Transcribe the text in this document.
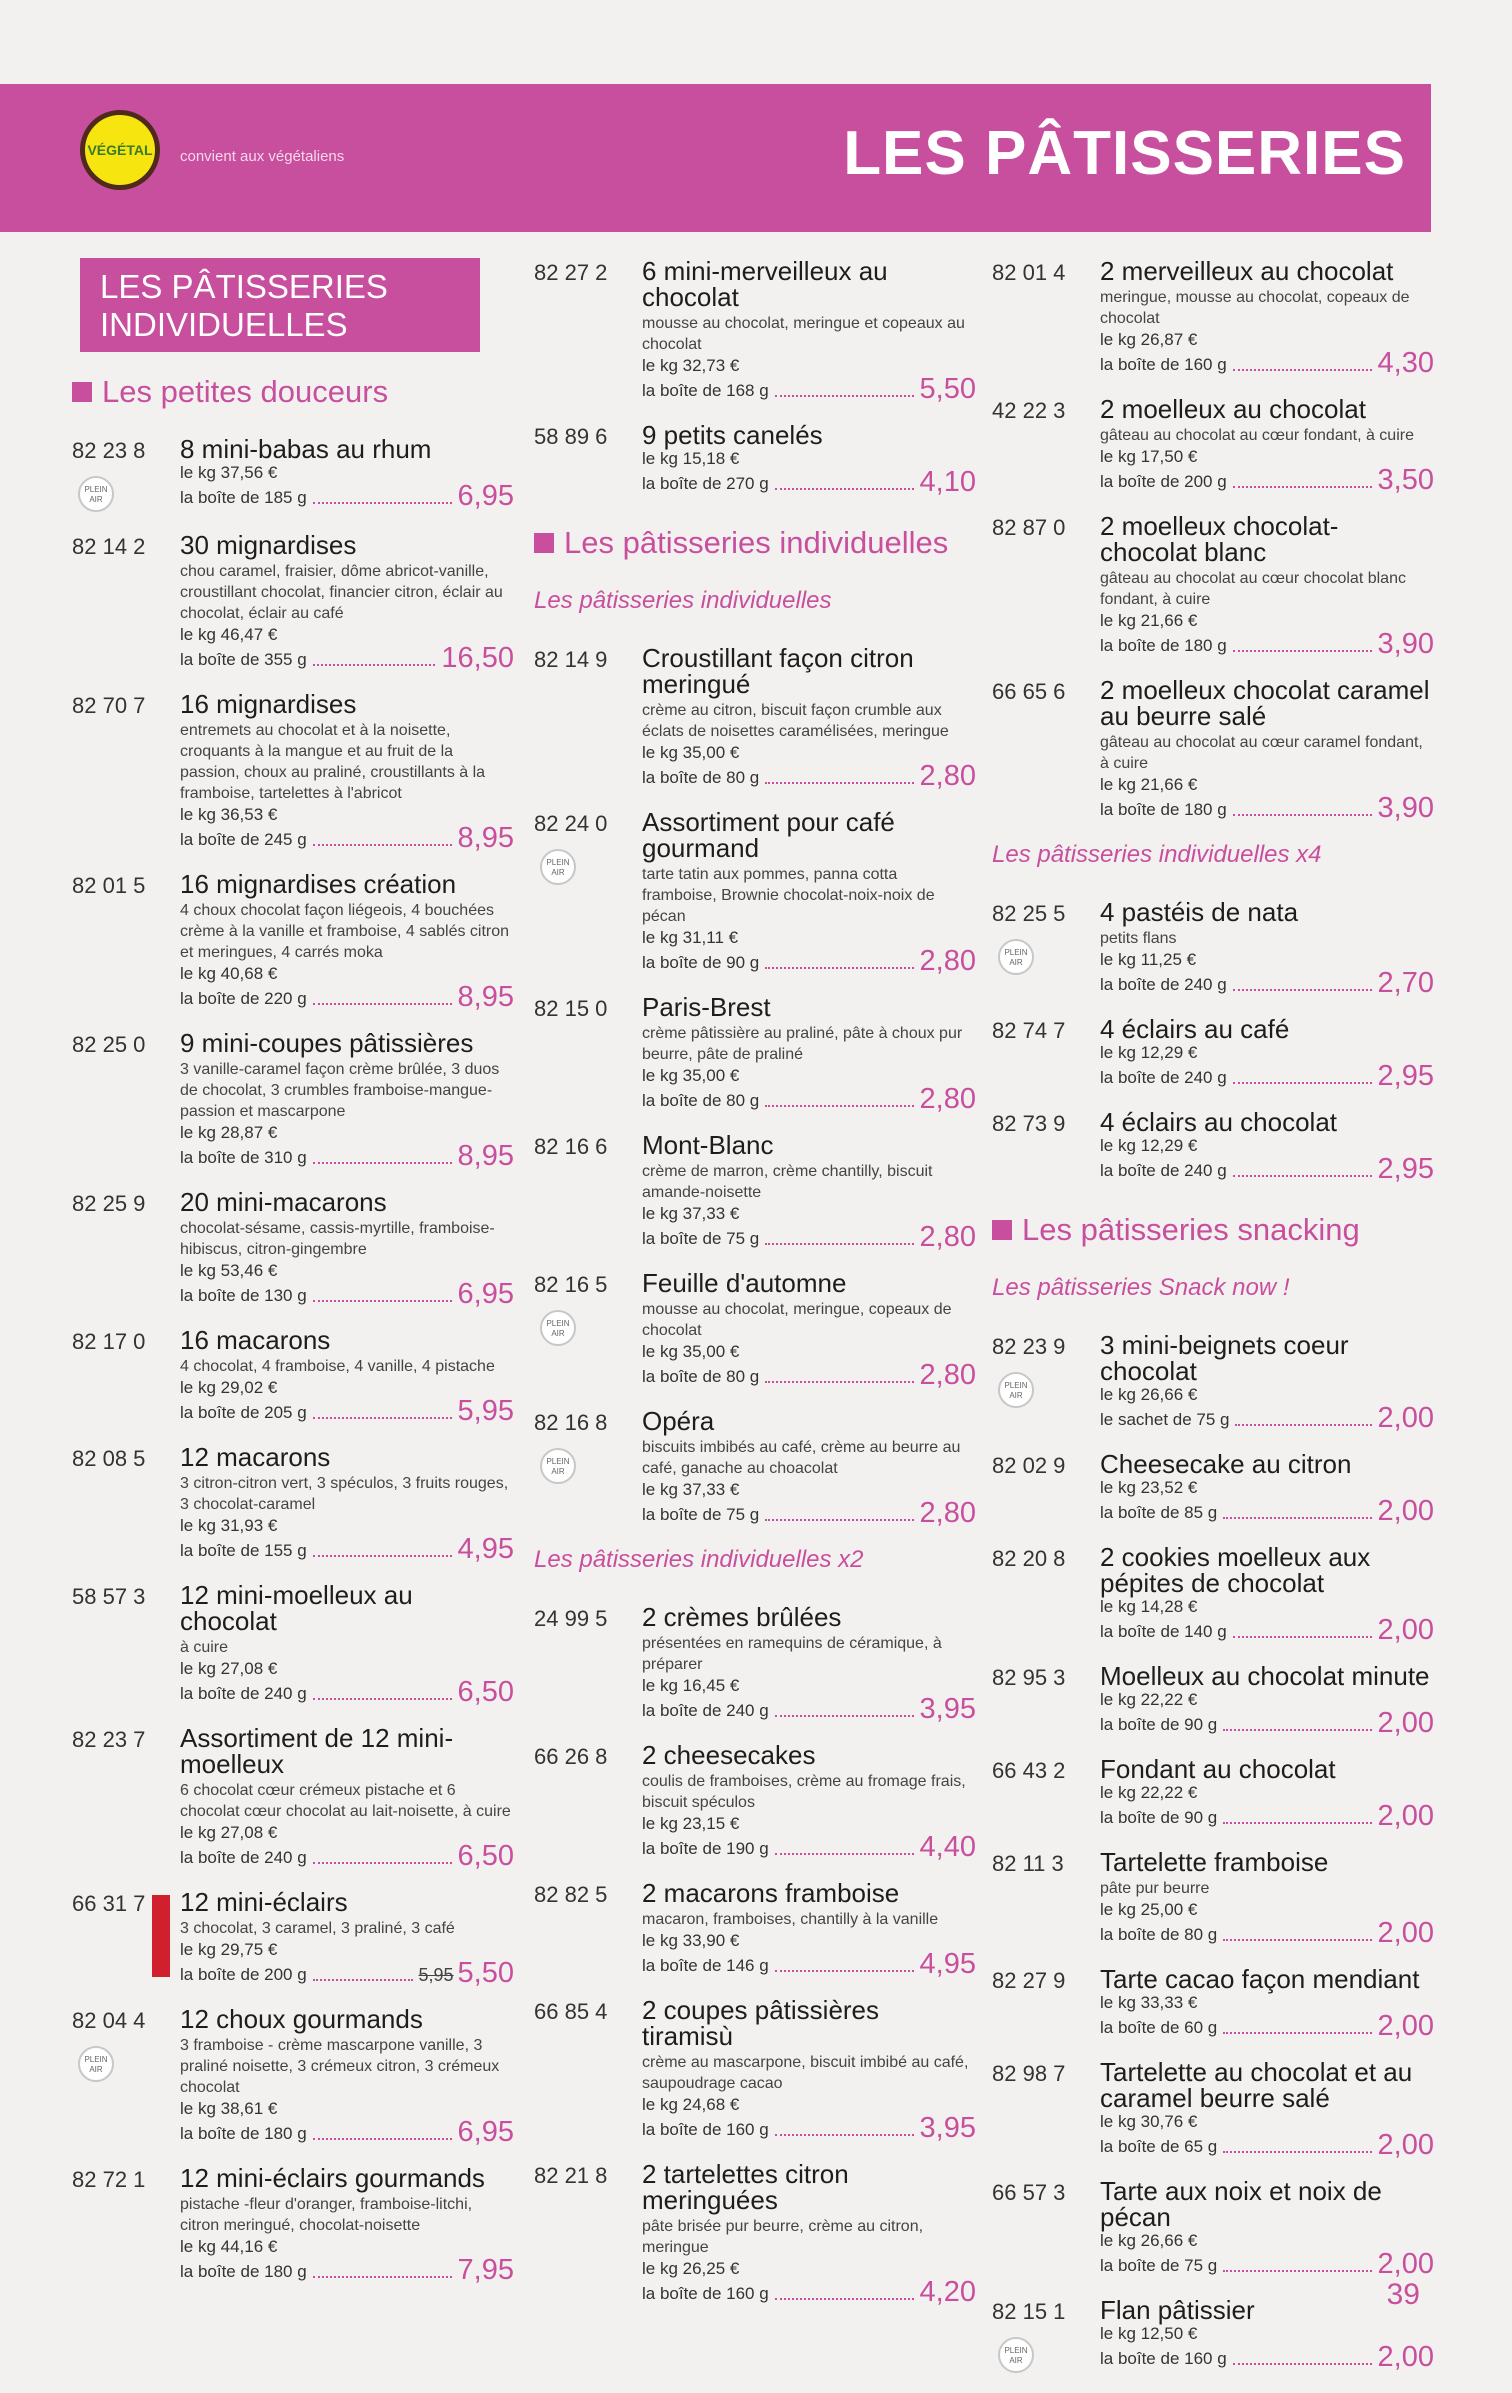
VÉGÉTAL	convient aux végétaliens	LES PÂTISSERIES
LES PÂTISSERIES INDIVIDUELLES
Les petites douceurs
82 23 8
PLEIN AIR
8 mini-babas au rhum
le kg 37,56 €
la boîte de 185 g	6,95
82 14 2	30 mignardises
chou caramel, fraisier, dôme abricot-vanille, croustillant chocolat, financier citron, éclair au chocolat, éclair au café
le kg 46,47 €
la boîte de 355 g	16,50
82 70 7	16 mignardises
entremets au chocolat et à la noisette, croquants à la mangue et au fruit de la passion, choux au praliné, croustillants à la framboise, tartelettes à l'abricot
le kg 36,53 €
la boîte de 245 g	8,95
82 01 5	16 mignardises création
4 choux chocolat façon liégeois, 4 bouchées crème à la vanille et framboise, 4 sablés citron et meringues, 4 carrés moka
le kg 40,68 €
la boîte de 220 g	8,95
82 25 0	9 mini-coupes pâtissières
3 vanille-caramel façon crème brûlée, 3 duos de chocolat, 3 crumbles framboise-mangue-passion et mascarpone
le kg 28,87 €
la boîte de 310 g	8,95
82 25 9	20 mini-macarons
chocolat-sésame, cassis-myrtille, framboise-hibiscus, citron-gingembre
le kg 53,46 €
la boîte de 130 g	6,95
82 17 0	16 macarons
4 chocolat, 4 framboise, 4 vanille, 4 pistache
le kg 29,02 €
la boîte de 205 g	5,95
82 08 5	12 macarons
3 citron-citron vert, 3 spéculos, 3 fruits rouges, 3 chocolat-caramel
le kg 31,93 €
la boîte de 155 g	4,95
58 57 3	12 mini-moelleux au chocolat
à cuire
le kg 27,08 €
la boîte de 240 g	6,50
82 23 7	Assortiment de 12 mini-moelleux
6 chocolat cœur crémeux pistache et 6 chocolat cœur chocolat au lait-noisette, à cuire
le kg 27,08 €
la boîte de 240 g	6,50
66 31 7	12 mini-éclairs
3 chocolat, 3 caramel, 3 praliné, 3 café
le kg 29,75 €
la boîte de 200 g	5,95 5,50
82 04 4
PLEIN AIR
12 choux gourmands
3 framboise - crème mascarpone vanille, 3 praliné noisette, 3 crémeux citron, 3 crémeux chocolat
le kg 38,61 €
la boîte de 180 g	6,95
82 72 1	12 mini-éclairs gourmands
pistache -fleur d'oranger, framboise-litchi, citron meringué, chocolat-noisette
le kg 44,16 €
la boîte de 180 g	7,95
82 27 2	6 mini-merveilleux au chocolat
mousse au chocolat, meringue et copeaux au chocolat
le kg 32,73 €
la boîte de 168 g	5,50
58 89 6	9 petits canelés
le kg 15,18 €
la boîte de 270 g	4,10
Les pâtisseries individuelles
Les pâtisseries individuelles
82 14 9	Croustillant façon citron meringué
crème au citron, biscuit façon crumble aux éclats de noisettes caramélisées, meringue
le kg 35,00 €
la boîte de 80 g	2,80
82 24 0
PLEIN AIR
Assortiment pour café gourmand
tarte tatin aux pommes, panna cotta framboise, Brownie chocolat-noix-noix de pécan
le kg 31,11 €
la boîte de 90 g	2,80
82 15 0	Paris-Brest
crème pâtissière au praliné, pâte à choux pur beurre, pâte de praliné
le kg 35,00 €
la boîte de 80 g	2,80
82 16 6	Mont-Blanc
crème de marron, crème chantilly, biscuit amande-noisette
le kg 37,33 €
la boîte de 75 g	2,80
82 16 5
PLEIN AIR
Feuille d'automne
mousse au chocolat, meringue, copeaux de chocolat
le kg 35,00 €
la boîte de 80 g	2,80
82 16 8
PLEIN AIR
Opéra
biscuits imbibés au café, crème au beurre au café, ganache au choacolat
le kg 37,33 €
la boîte de 75 g	2,80
Les pâtisseries individuelles x2
24 99 5	2 crèmes brûlées
présentées en ramequins de céramique, à préparer
le kg 16,45 €
la boîte de 240 g	3,95
66 26 8	2 cheesecakes
coulis de framboises, crème au fromage frais, biscuit spéculos
le kg 23,15 €
la boîte de 190 g	4,40
82 82 5	2 macarons framboise
macaron, framboises, chantilly à la vanille
le kg 33,90 €
la boîte de 146 g	4,95
66 85 4	2 coupes pâtissières tiramisù
crème au mascarpone, biscuit imbibé au café, saupoudrage cacao
le kg 24,68 €
la boîte de 160 g	3,95
82 21 8	2 tartelettes citron meringuées
pâte brisée pur beurre, crème au citron, meringue
le kg 26,25 €
la boîte de 160 g	4,20
82 01 4	2 merveilleux au chocolat
meringue, mousse au chocolat, copeaux de chocolat
le kg 26,87 €
la boîte de 160 g	4,30
42 22 3	2 moelleux au chocolat
gâteau au chocolat au cœur fondant, à cuire
le kg 17,50 €
la boîte de 200 g	3,50
82 87 0	2 moelleux chocolat-chocolat blanc
gâteau au chocolat au cœur chocolat blanc fondant, à cuire
le kg 21,66 €
la boîte de 180 g	3,90
66 65 6	2 moelleux chocolat caramel au beurre salé
gâteau au chocolat au cœur caramel fondant, à cuire
le kg 21,66 €
la boîte de 180 g	3,90
Les pâtisseries individuelles x4
82 25 5
PLEIN AIR
4 pastéis de nata
petits flans
le kg 11,25 €
la boîte de 240 g	2,70
82 74 7	4 éclairs au café
le kg 12,29 €
la boîte de 240 g	2,95
82 73 9	4 éclairs au chocolat
le kg 12,29 €
la boîte de 240 g	2,95
Les pâtisseries snacking
Les pâtisseries Snack now !
82 23 9
PLEIN AIR
3 mini-beignets coeur chocolat
le kg 26,66 €
le sachet de 75 g	2,00
82 02 9	Cheesecake au citron
le kg 23,52 €
la boîte de 85 g	2,00
82 20 8	2 cookies moelleux aux pépites de chocolat
le kg 14,28 €
la boîte de 140 g	2,00
82 95 3	Moelleux au chocolat minute
le kg 22,22 €
la boîte de 90 g	2,00
66 43 2	Fondant au chocolat
le kg 22,22 €
la boîte de 90 g	2,00
82 11 3	Tartelette framboise
pâte pur beurre
le kg 25,00 €
la boîte de 80 g	2,00
82 27 9	Tarte cacao façon mendiant
le kg 33,33 €
la boîte de 60 g	2,00
82 98 7	Tartelette au chocolat et au caramel beurre salé
le kg 30,76 €
la boîte de 65 g	2,00
66 57 3	Tarte aux noix et noix de pécan
le kg 26,66 €
la boîte de 75 g	2,00
82 15 1
PLEIN AIR
Flan pâtissier
le kg 12,50 €
la boîte de 160 g	2,00
39
